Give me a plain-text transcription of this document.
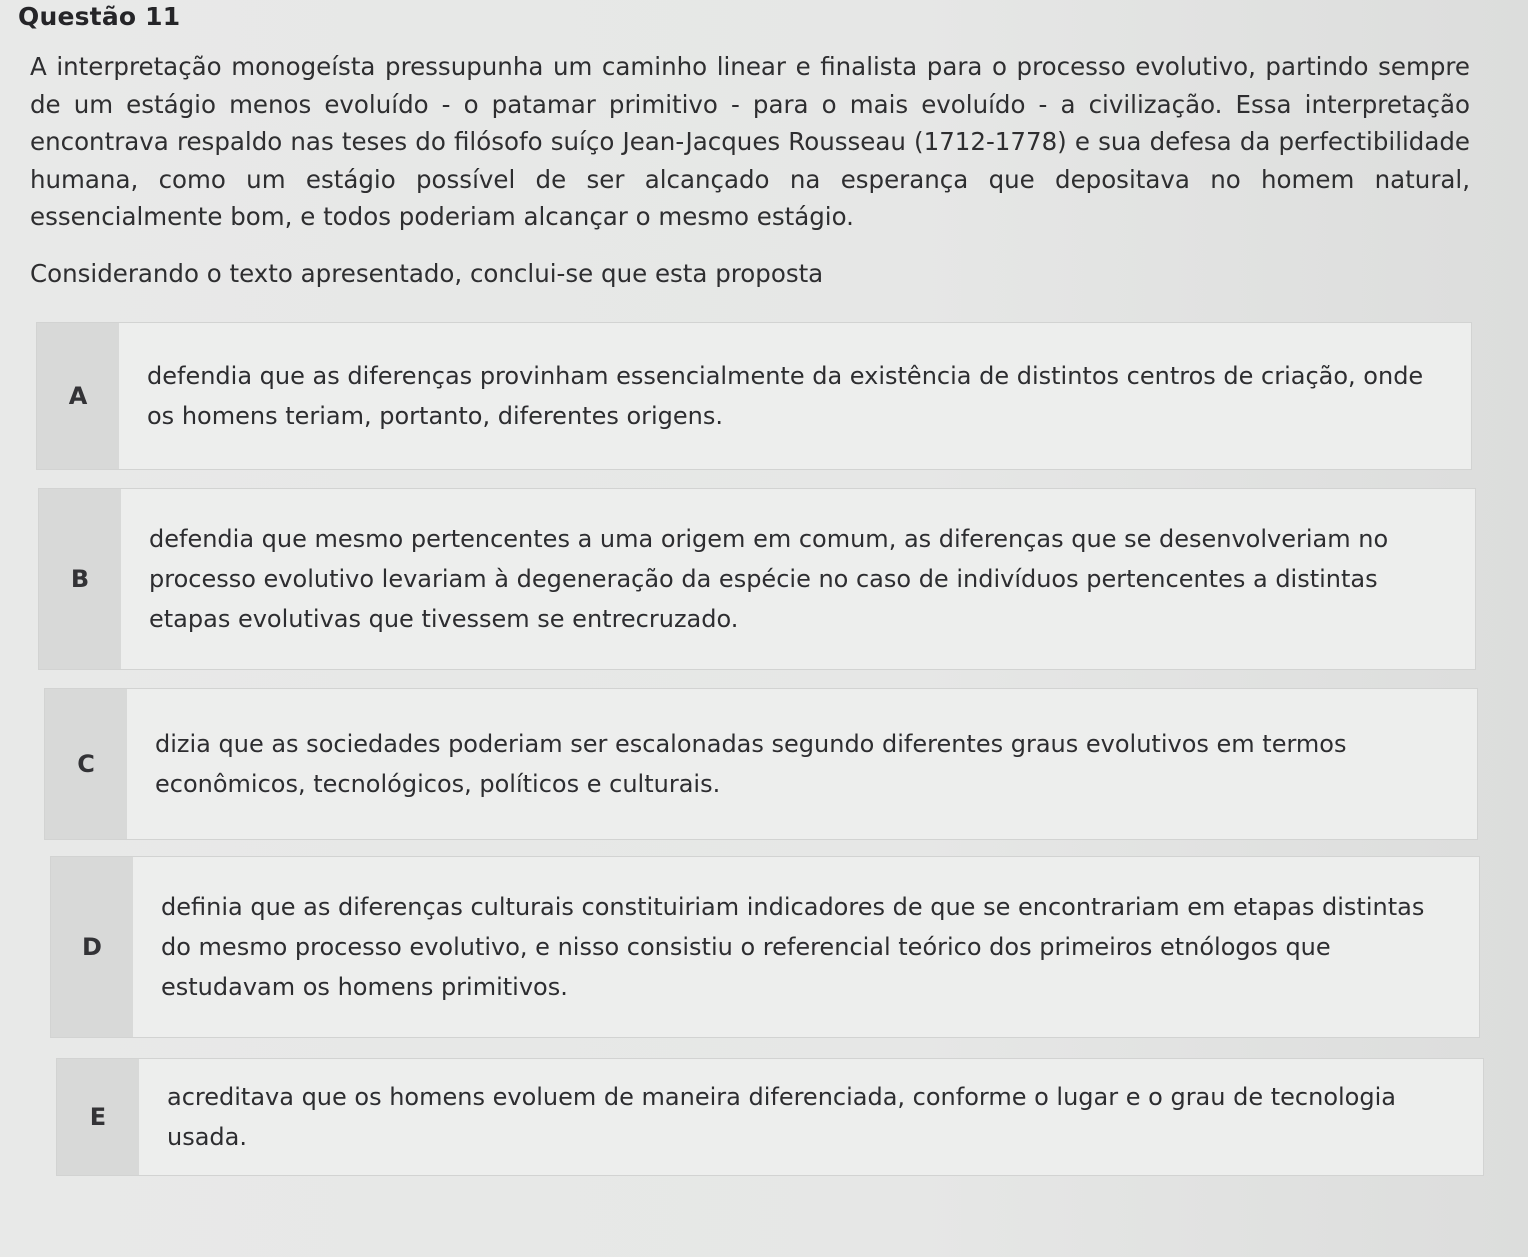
Questão 11
A interpretação monogeísta pressupunha um caminho linear e finalista para o processo evolutivo, partindo sempre de um estágio menos evoluído - o patamar primitivo - para o mais evoluído - a civilização. Essa interpretação encontrava respaldo nas teses do filósofo suíço Jean-Jacques Rousseau (1712-1778) e sua defesa da perfectibilidade humana, como um estágio possível de ser alcançado na esperança que depositava no homem natural, essencialmente bom, e todos poderiam alcançar o mesmo estágio.
Considerando o texto apresentado, conclui-se que esta proposta
A
defendia que as diferenças provinham essencialmente da existência de distintos centros de criação, onde os homens teriam, portanto, diferentes origens.
B
defendia que mesmo pertencentes a uma origem em comum, as diferenças que se desenvolveriam no processo evolutivo levariam à degeneração da espécie no caso de indivíduos pertencentes a distintas etapas evolutivas que tivessem se entrecruzado.
C
dizia que as sociedades poderiam ser escalonadas segundo diferentes graus evolutivos em termos econômicos, tecnológicos, políticos e culturais.
D
definia que as diferenças culturais constituiriam indicadores de que se encontrariam em etapas distintas do mesmo processo evolutivo, e nisso consistiu o referencial teórico dos primeiros etnólogos que estudavam os homens primitivos.
E
acreditava que os homens evoluem de maneira diferenciada, conforme o lugar e o grau de tecnologia usada.
